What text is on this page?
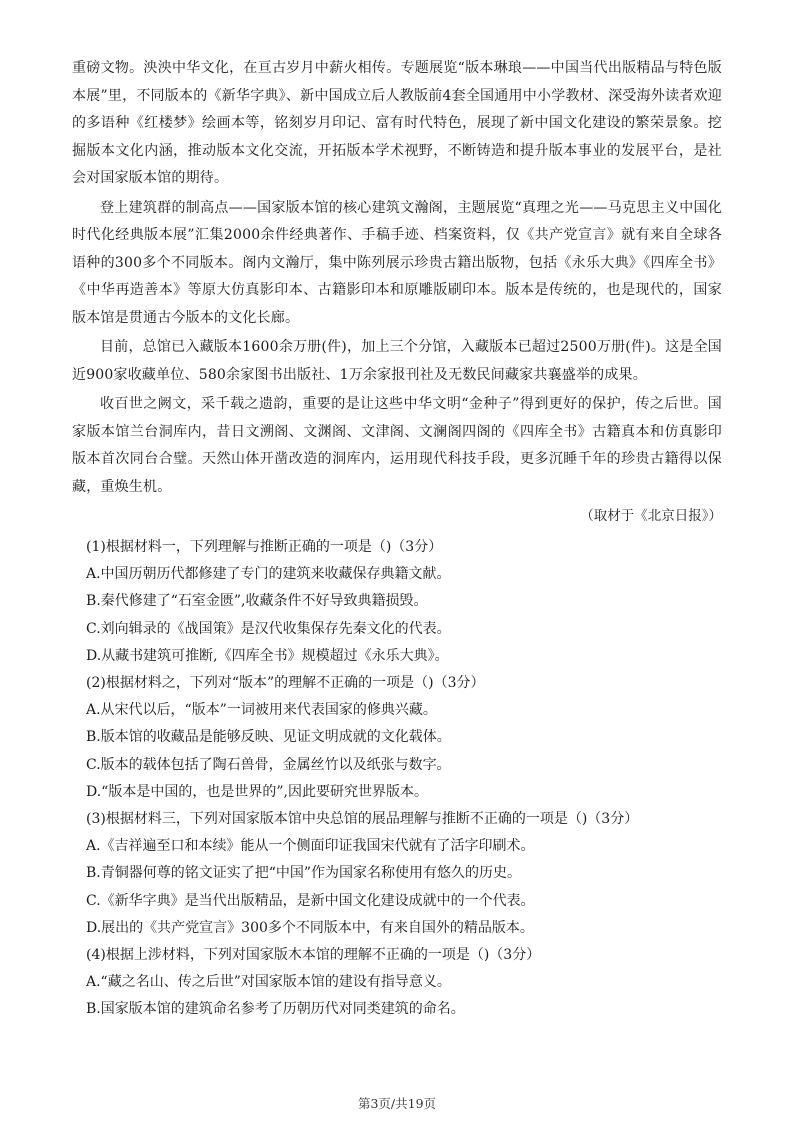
重磅文物。泱泱中华文化，在亘古岁月中薪火相传。专题展览“版本琳琅——中国当代出版精品与特色版本展”里，不同版本的《新华字典》、新中国成立后人教版前4套全国通用中小学教材、深受海外读者欢迎的多语种《红楼梦》绘画本等，铭刻岁月印记、富有时代特色，展现了新中国文化建设的繁荣景象。挖掘版本文化内涵，推动版本文化交流，开拓版本学术视野，不断铸造和提升版本事业的发展平台，是社会对国家版本馆的期待。

登上建筑群的制高点——国家版本馆的核心建筑文瀚阁，主题展览“真理之光——马克思主义中国化时代化经典版本展”汇集2000余件经典著作、手稿手迹、档案资料，仅《共产党宣言》就有来自全球各语种的300多个不同版本。阁内文瀚厅，集中陈列展示珍贵古籍出版物，包括《永乐大典》《四库全书》《中华再造善本》等原大仿真影印本、古籍影印本和原雕版刷印本。版本是传统的，也是现代的，国家版本馆是贯通古今版本的文化长廊。

目前，总馆已入藏版本1600余万册(件)，加上三个分馆，入藏版本已超过2500万册(件)。这是全国近900家收藏单位、580余家图书出版社、1万余家报刊社及无数民间藏家共襄盛举的成果。

收百世之阙文，采千载之遗韵，重要的是让这些中华文明“金种子”得到更好的保护，传之后世。国家版本馆兰台洞库内，昔日文溯阁、文渊阁、文津阁、文澜阁四阁的《四库全书》古籍真本和仿真影印版本首次同台合璧。天然山体开凿改造的洞库内，运用现代科技手段，更多沉睡千年的珍贵古籍得以保藏，重焕生机。

（取材于《北京日报》）

(1)根据材料一，下列理解与推断正确的一项是（)（3分）

A.中国历朝历代都修建了专门的建筑来收藏保存典籍文献。

B.秦代修建了“石室金匮”,收藏条件不好导致典籍损毁。

C.刘向辑录的《战国策》是汉代收集保存先秦文化的代表。

D.从藏书建筑可推断,《四库全书》规模超过《永乐大典》。

(2)根据材料之，下列对“版本”的理解不正确的一项是（)（3分）

A.从宋代以后，“版本”一词被用来代表国家的修典兴藏。

B.版本馆的收藏品是能够反映、见证文明成就的文化载体。

C.版本的载体包括了陶石兽骨，金属丝竹以及纸张与数字。

D.“版本是中国的，也是世界的”,因此要研究世界版本。

(3)根据材料三，下列对国家版本馆中央总馆的展品理解与推断不正确的一项是（)（3分）

A.《吉祥遍至口和本续》能从一个侧面印证我国宋代就有了活字印刷术。

B.青铜器何尊的铭文证实了把“中国”作为国家名称使用有悠久的历史。

C.《新华字典》是当代出版精品，是新中国文化建设成就中的一个代表。

D.展出的《共产党宣言》300多个不同版本中，有来自国外的精品版本。

(4)根据上涉材料，下列对国家版木本馆的理解不正确的一项是（)（3分）

A.“藏之名山、传之后世”对国家版本馆的建设有指导意义。

B.国家版本馆的建筑命名参考了历朝历代对同类建筑的命名。

第3页/共19页
